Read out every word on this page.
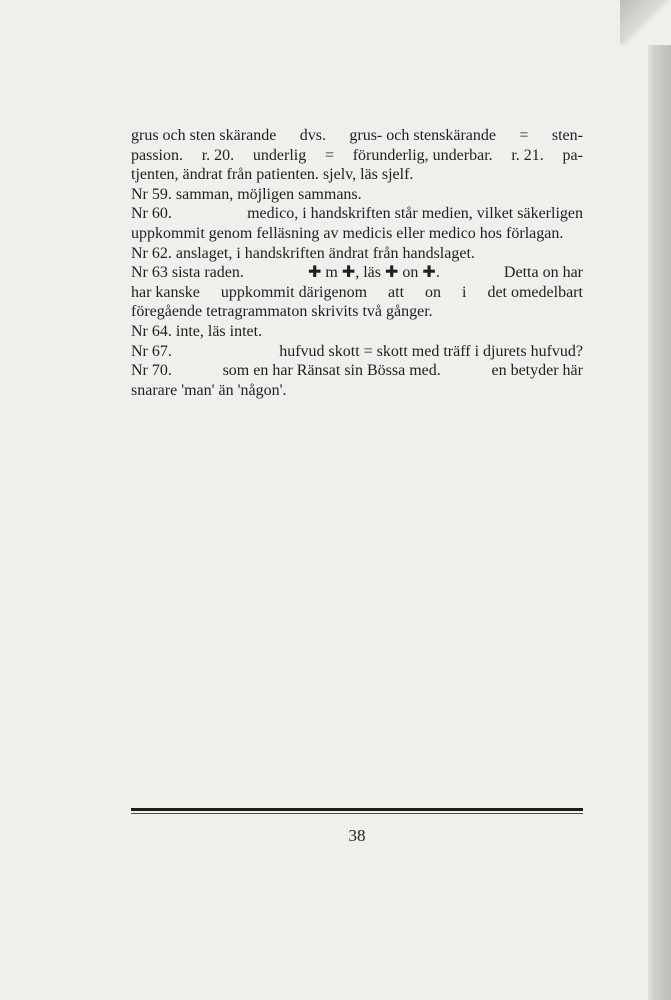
grus och sten skärande dvs. grus- och stenskärande = sten-
passion. r. 20. underlig = förunderlig, underbar. r. 21. pa-
tjenten, ändrat från patienten. sjelv, läs sjelf.
Nr 59. samman, möjligen sammans.
Nr 60.	medico, i handskriften står medien, vilket säkerligen
uppkommit genom felläsning av medicis eller medico hos förlagan.
Nr 62. anslaget, i handskriften ändrat från handslaget.
Nr 63 sista raden.	✚ m ✚, läs ✚ on ✚.	Detta on har
har kanske uppkommit därigenom att on i det omedelbart
föregående tetragrammaton skrivits två gånger.
Nr 64. inte, läs intet.
Nr 67.	hufvud skott = skott med träff i djurets hufvud?
Nr 70.	som en har Ränsat sin Bössa med.	en betyder här
snarare 'man' än 'någon'.
38
